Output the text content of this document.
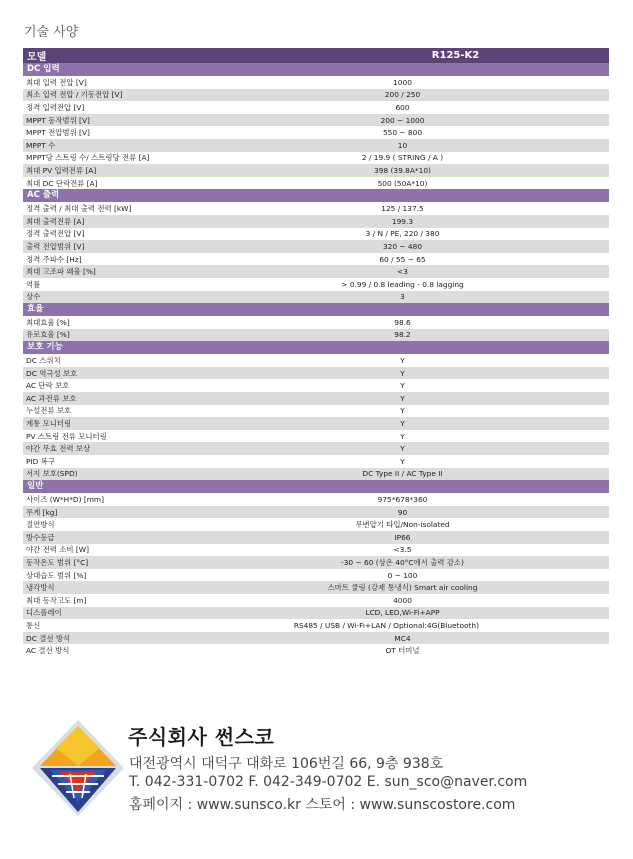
기술 사양
모델	R125-K2
DC 입력
최대 입력 전압 [V]	1000
최소 입력 전압 / 기동전압 [V]	200 / 250
정격 입력전압 [V]	600
MPPT 동작범위 [V]	200 ~ 1000
MPPT 전압범위 [V]	550 ~ 800
MPPT 수	10
MPPT당 스트링 수/ 스트링당 전류 [A]	2 / 19.9 ( STRING / A )
최대 PV 입력전류 [A]	398 (39.8A*10)
최대 DC 단락전류 [A]	500 (50A*10)
AC 출력
정격 출력 / 최대 출력 전력 [kW]	125 / 137.5
최대 출력전류 [A]	199.3
정격 출력전압 [V]	3 / N / PE, 220 / 380
출력 전압범위 [V]	320 ~ 480
정격 주파수 [Hz]	60 / 55 ~ 65
최대 고조파 왜율 [%]	<3
역률	> 0.99 / 0.8 leading - 0.8 lagging
상수	3
효율
최대효율 [%]	98.6
유로효율 [%]	98.2
보호 기능
DC 스위치	Y
DC 역극성 보호	Y
AC 단락 보호	Y
AC 과전류 보호	Y
누설전류 보호	Y
계통 모니터링	Y
PV 스트링 전류 모니터링	Y
야간 무효 전력 보상	Y
PID 복구	Y
서지 보호(SPD)	DC Type II / AC Type II
일반
사이즈 (W*H*D) [mm]	975*678*360
무게 [kg]	90
절연방식	무변압기 타입/Non-isolated
방수등급	IP66
야간 전력 소비 [W]	<3.5
동작온도 범위 [°C]	-30 ~ 60 (상온 40°C에서 출력 감소)
상대습도 범위 [%]	0 ~ 100
냉각방식	스마트 쿨링 (강제 통냉식) Smart air cooling
최대 동작고도 [m]	4000
디스플레이	LCD, LED,Wi-Fi+APP
통신	RS485 / USB / Wi-Fi+LAN / Optional:4G(Bluetooth)
DC 결선 방식	MC4
AC 결선 방식	OT 터미널
주식회사 썬스코
대전광역시 대덕구 대화로 106번길 66, 9층 938호
T. 042-331-0702 F. 042-349-0702 E. sun_sco@naver.com
홈페이지 : www.sunsco.kr 스토어 : www.sunscostore.com
